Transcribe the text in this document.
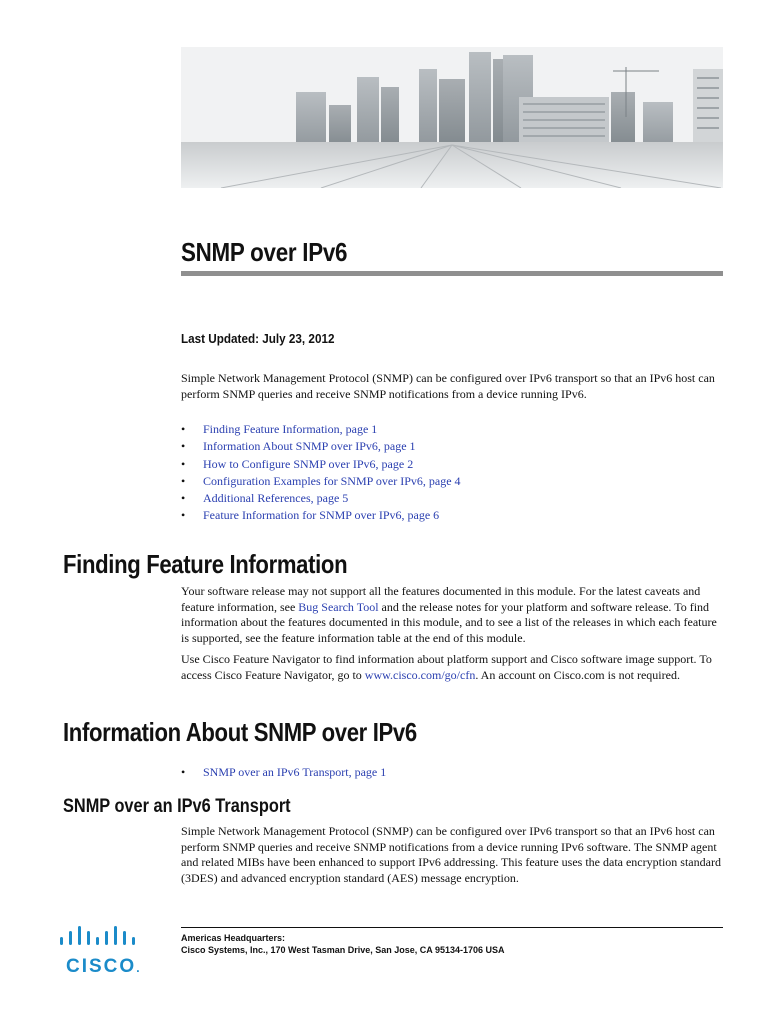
SNMP over IPv6
Last Updated: July 23, 2012

Simple Network Management Protocol (SNMP) can be configured over IPv6 transport so that an IPv6 host can perform SNMP queries and receive SNMP notifications from a device running IPv6.

• Finding Feature Information, page 1
• Information About SNMP over IPv6, page 1
• How to Configure SNMP over IPv6, page 2
• Configuration Examples for SNMP over IPv6, page 4
• Additional References, page 5
• Feature Information for SNMP over IPv6, page 6
Finding Feature Information

Your software release may not support all the features documented in this module. For the latest caveats and feature information, see Bug Search Tool and the release notes for your platform and software release. To find information about the features documented in this module, and to see a list of the releases in which each feature is supported, see the feature information table at the end of this module.

Use Cisco Feature Navigator to find information about platform support and Cisco software image support. To access Cisco Feature Navigator, go to www.cisco.com/go/cfn. An account on Cisco.com is not required.

Information About SNMP over IPv6
• SNMP over an IPv6 Transport, page 1
SNMP over an IPv6 Transport

Simple Network Management Protocol (SNMP) can be configured over IPv6 transport so that an IPv6 host can perform SNMP queries and receive SNMP notifications from a device running IPv6 software. The SNMP agent and related MIBs have been enhanced to support IPv6 addressing. This feature uses the data encryption standard (3DES) and advanced encryption standard (AES) message encryption.

CISCO.
Americas Headquarters:
Cisco Systems, Inc., 170 West Tasman Drive, San Jose, CA 95134-1706 USA
